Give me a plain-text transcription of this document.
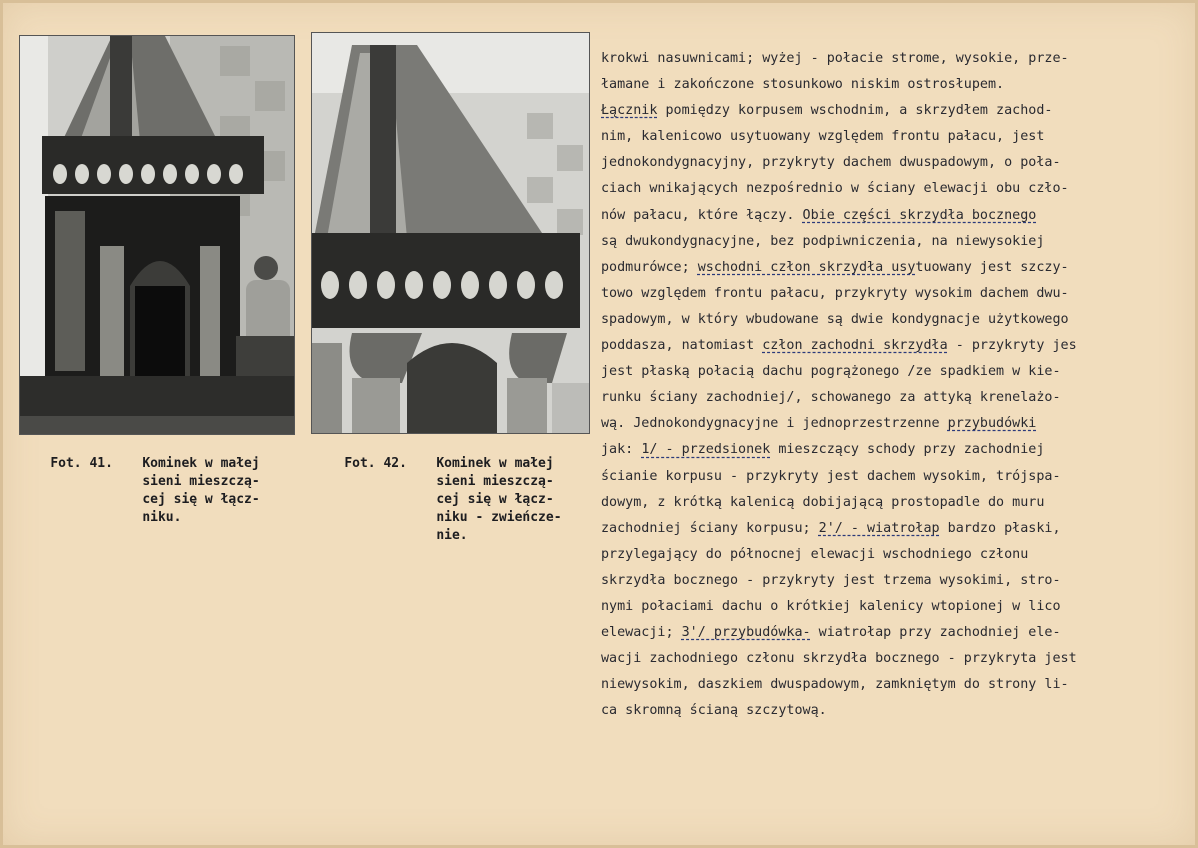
Fot. 41. Kominek w małej
sieni mieszczą-
cej się w łącz-
niku.

Fot. 42. Kominek w małej
sieni mieszczą-
cej się w łącz-
niku - zwieńcze-
nie.

krokwi nasuwnicami; wyżej - połacie strome, wysokie, prze-
łamane i zakończone stosunkowo niskim ostrosłupem.
Łącznik pomiędzy korpusem wschodnim, a skrzydłem zachod-
nim, kalenicowo usytuowany względem frontu pałacu, jest
jednokondygnacyjny, przykryty dachem dwuspadowym, o poła-
ciach wnikających nezpośrednio w ściany elewacji obu czło-
nów pałacu, które łączy. Obie części skrzydła bocznego
są dwukondygnacyjne, bez podpiwniczenia, na niewysokiej
podmurówce; wschodni człon skrzydła usytuowany jest szczy-
towo względem frontu pałacu, przykryty wysokim dachem dwu-
spadowym, w który wbudowane są dwie kondygnacje użytkowego
poddasza, natomiast człon zachodni skrzydła - przykryty jes
jest płaską połacią dachu pogrążonego /ze spadkiem w kie-
runku ściany zachodniej/, schowanego za attyką krenelażo-
wą. Jednokondygnacyjne i jednoprzestrzenne przybudówki
jak: 1/ - przedsionek mieszczący schody przy zachodniej
ścianie korpusu - przykryty jest dachem wysokim, trójspa-
dowym, z krótką kalenicą dobijającą prostopadle do muru
zachodniej ściany korpusu; 2'/ - wiatrołap bardzo płaski,
przylegający do północnej elewacji wschodniego członu
skrzydła bocznego - przykryty jest trzema wysokimi, stro-
nymi połaciami dachu o krótkiej kalenicy wtopionej w lico
elewacji; 3'/ przybudówka- wiatrołap przy zachodniej ele-
wacji zachodniego członu skrzydła bocznego - przykryta jest
niewysokim, daszkiem dwuspadowym, zamkniętym do strony li-
ca skromną ścianą szczytową.
